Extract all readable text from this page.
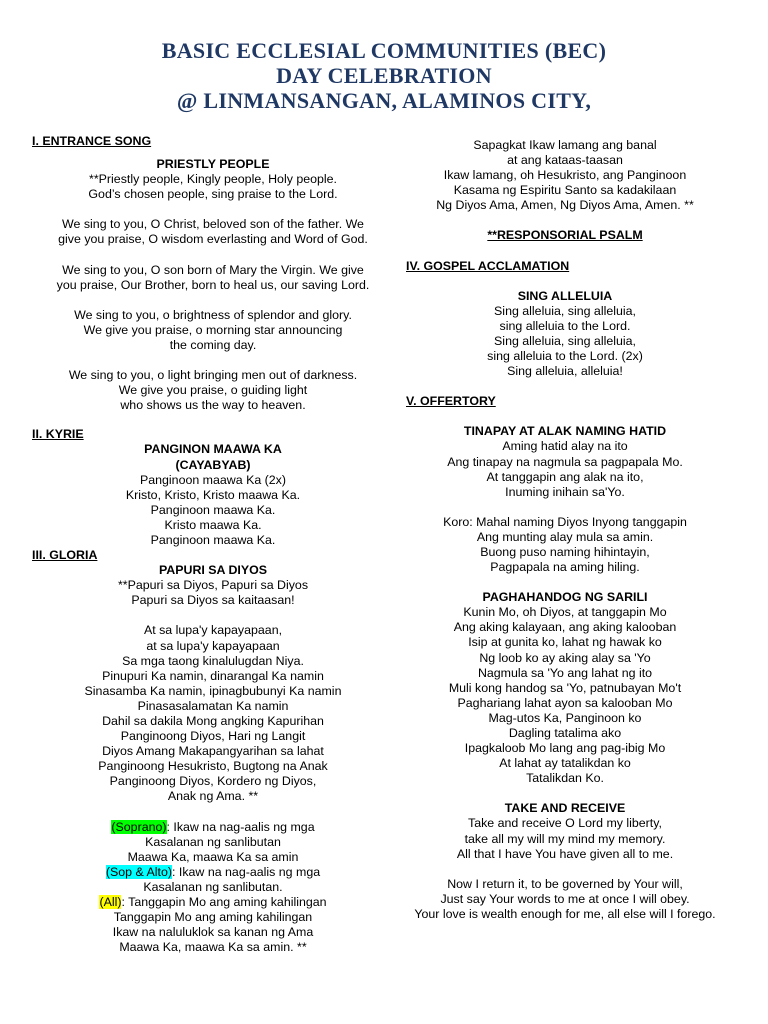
BASIC ECCLESIAL COMMUNITIES (BEC)
DAY CELEBRATION
@ LINMANSANGAN, ALAMINOS CITY,
I. ENTRANCE SONG
PRIESTLY PEOPLE
**Priestly people, Kingly people, Holy people.
God’s chosen people, sing praise to the Lord.
We sing to you, O Christ, beloved son of the father. We
give you praise, O wisdom everlasting and Word of God.
We sing to you, O son born of Mary the Virgin. We give
you praise, Our Brother, born to heal us, our saving Lord.
We sing to you, o brightness of splendor and glory.
We give you praise, o morning star announcing
the coming day.
We sing to you, o light bringing men out of darkness.
We give you praise, o guiding light
who shows us the way to heaven.
II. KYRIE
PANGINON MAAWA KA
(CAYABYAB)
Panginoon maawa Ka (2x)
Kristo, Kristo, Kristo maawa Ka.
Panginoon maawa Ka.
Kristo maawa Ka.
Panginoon maawa Ka.
III. GLORIA
PAPURI SA DIYOS
**Papuri sa Diyos, Papuri sa Diyos
Papuri sa Diyos sa kaitaasan!
At sa lupa'y kapayapaan,
at sa lupa'y kapayapaan
Sa mga taong kinalulugdan Niya.
Pinupuri Ka namin, dinarangal Ka namin
Sinasamba Ka namin, ipinagbubunyi Ka namin
Pinasasalamatan Ka namin
Dahil sa dakila Mong angking Kapurihan
Panginoong Diyos, Hari ng Langit
Diyos Amang Makapangyarihan sa lahat
Panginoong Hesukristo, Bugtong na Anak
Panginoong Diyos, Kordero ng Diyos,
Anak ng Ama. **
(Soprano): Ikaw na nag-aalis ng mga
Kasalanan ng sanlibutan
Maawa Ka, maawa Ka sa amin
(Sop & Alto): Ikaw na nag-aalis ng mga
Kasalanan ng sanlibutan.
(All): Tanggapin Mo ang aming kahilingan
Tanggapin Mo ang aming kahilingan
Ikaw na naluluklok sa kanan ng Ama
Maawa Ka, maawa Ka sa amin. **
Sapagkat Ikaw lamang ang banal
at ang kataas-taasan
Ikaw lamang, oh Hesukristo, ang Panginoon
Kasama ng Espiritu Santo sa kadakilaan
Ng Diyos Ama, Amen, Ng Diyos Ama, Amen. **
**RESPONSORIAL PSALM
IV. GOSPEL ACCLAMATION
SING ALLELUIA
Sing alleluia, sing alleluia,
sing alleluia to the Lord.
Sing alleluia, sing alleluia,
sing alleluia to the Lord. (2x)
Sing alleluia, alleluia!
V. OFFERTORY
TINAPAY AT ALAK NAMING HATID
Aming hatid alay na ito
Ang tinapay na nagmula sa pagpapala Mo.
At tanggapin ang alak na ito,
Inuming inihain sa'Yo.
Koro: Mahal naming Diyos Inyong tanggapin
Ang munting alay mula sa amin.
Buong puso naming hihintayin,
Pagpapala na aming hiling.
PAGHAHANDOG NG SARILI
Kunin Mo, oh Diyos, at tanggapin Mo
Ang aking kalayaan, ang aking kalooban
Isip at gunita ko, lahat ng hawak ko
Ng loob ko ay aking alay sa 'Yo
Nagmula sa 'Yo ang lahat ng ito
Muli kong handog sa 'Yo, patnubayan Mo't
Paghariang lahat ayon sa kalooban Mo
Mag-utos Ka, Panginoon ko
Dagling tatalima ako
Ipagkaloob Mo lang ang pag-ibig Mo
At lahat ay tatalikdan ko
Tatalikdan Ko.
TAKE AND RECEIVE
Take and receive O Lord my liberty,
take all my will my mind my memory.
All that I have You have given all to me.
Now I return it, to be governed by Your will,
Just say Your words to me at once I will obey.
Your love is wealth enough for me, all else will I forego.
